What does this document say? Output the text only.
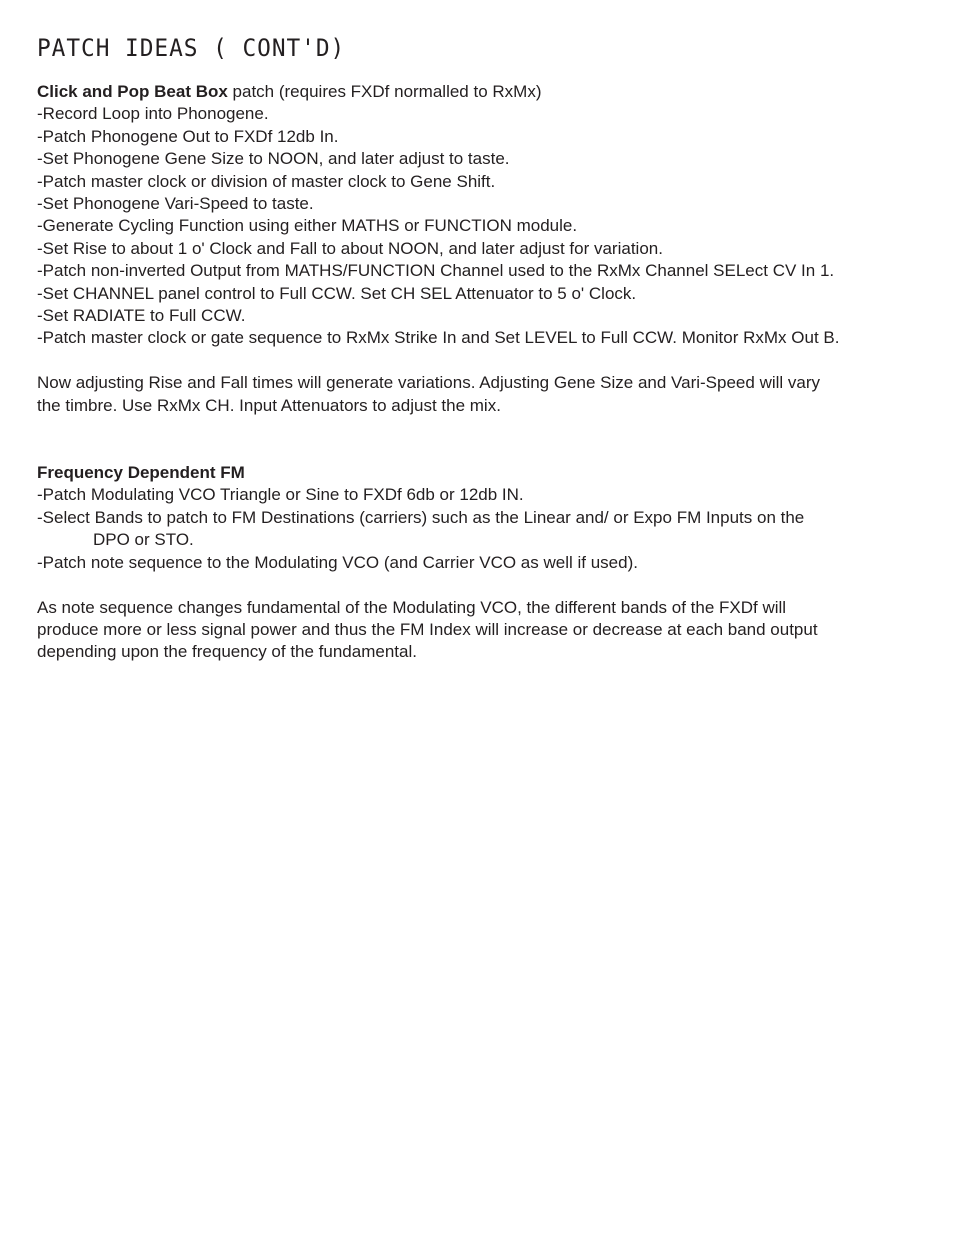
PATCH IDEAS ( CONT'D)

Click and Pop Beat Box patch (requires FXDf normalled to RxMx)

-Record Loop into Phonogene.

-Patch Phonogene Out to FXDf 12db In.

-Set Phonogene Gene Size to NOON, and later adjust to taste.

-Patch master clock or division of master clock to Gene Shift.

-Set Phonogene Vari-Speed to taste.

-Generate Cycling Function using either MATHS or FUNCTION module.

-Set Rise to about 1 o' Clock and Fall to about NOON, and later adjust for variation.

-Patch non-inverted Output from MATHS/FUNCTION Channel used to the RxMx Channel SELect CV In 1.

-Set CHANNEL panel control to Full CCW. Set CH SEL Attenuator to 5 o' Clock.

-Set RADIATE to Full CCW.

-Patch master clock or gate sequence to RxMx Strike In and Set LEVEL to Full CCW. Monitor RxMx Out B.

Now adjusting Rise and Fall times will generate variations. Adjusting Gene Size and Vari-Speed will vary

the timbre. Use RxMx CH. Input Attenuators to adjust the mix.

Frequency Dependent FM

-Patch Modulating VCO Triangle or Sine to FXDf 6db or 12db IN.

-Select Bands to patch to FM Destinations (carriers) such as the Linear and/ or Expo FM Inputs on the

DPO or STO.

-Patch note sequence to the Modulating VCO (and Carrier VCO as well if used).

As note sequence changes fundamental of the Modulating VCO, the different bands of the FXDf will

produce more or less signal power and thus the FM Index will increase or decrease at each band output

depending upon the frequency of the fundamental.
